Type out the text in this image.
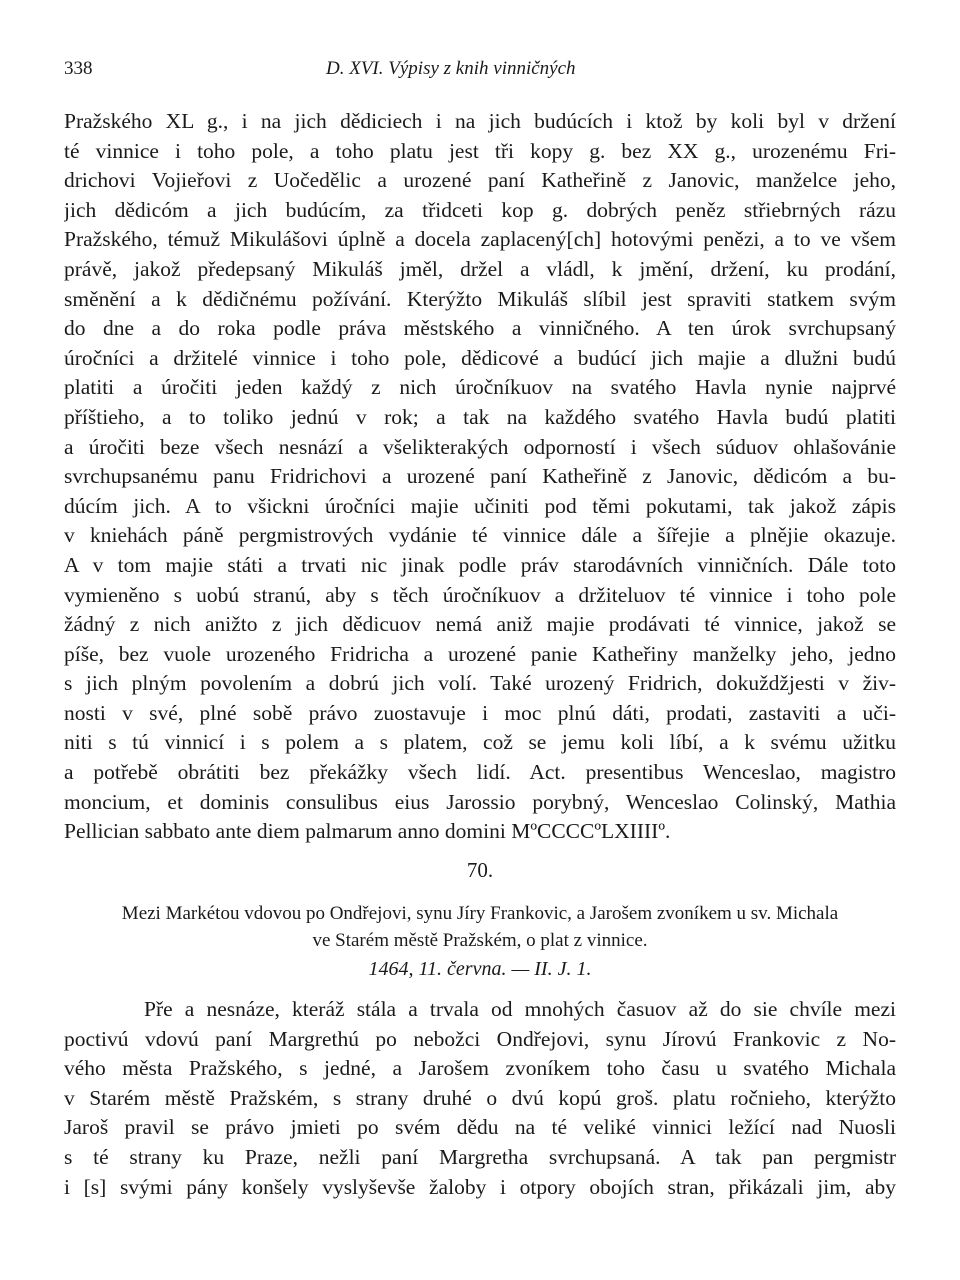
338	D. XVI. Výpisy z knih vinničných
Pražského XL g., i na jich dědiciech i na jich budúcích i ktož by koli byl v držení
té vinnice i toho pole, a toho platu jest tři kopy g. bez XX g., urozenému Fri-
drichovi Vojieřovi z Uočedělic a urozené paní Katheřině z Janovic, manželce jeho,
jich dědicóm a jich budúcím, za třidceti kop g. dobrých peněz střiebrných rázu
Pražského, témuž Mikulášovi úplně a docela zaplacený[ch] hotovými penězi, a to ve všem
právě, jakož předepsaný Mikuláš jměl, držel a vládl, k jmění, držení, ku prodání,
směnění a k dědičnému požívání. Kterýžto Mikuláš slíbil jest spraviti statkem svým
do dne a do roka podle práva městského a vinničného. A ten úrok svrchupsaný
úročníci a držitelé vinnice i toho pole, dědicové a budúcí jich majie a dlužni budú
platiti a úročiti jeden každý z nich úročníkuov na svatého Havla nynie najprvé
příštieho, a to toliko jednú v rok; a tak na každého svatého Havla budú platiti
a úročiti beze všech nesnází a všelikterakých odporností i všech súduov ohlašovánie
svrchupsanému panu Fridrichovi a urozené paní Katheřině z Janovic, dědicóm a bu-
dúcím jich. A to všickni úročníci majie učiniti pod těmi pokutami, tak jakož zápis
v kniehách páně pergmistrových vydánie té vinnice dále a šířejie a plnějie okazuje.
A v tom majie státi a trvati nic jinak podle práv starodávních vinničních. Dále toto
vymieněno s uobú stranú, aby s těch úročníkuov a držiteluov té vinnice i toho pole
žádný z nich anižto z jich dědicuov nemá aniž majie prodávati té vinnice, jakož se
píše, bez vuole urozeného Fridricha a urozené panie Katheřiny manželky jeho, jedno
s jich plným povolením a dobrú jich volí. Také urozený Fridrich, dokuždžjesti v živ-
nosti v své, plné sobě právo zuostavuje i moc plnú dáti, prodati, zastaviti a uči-
niti s tú vinnicí i s polem a s platem, což se jemu koli líbí, a k svému užitku
a potřebě obrátiti bez překážky všech lidí. Act. presentibus Wenceslao, magistro
moncium, et dominis consulibus eius Jarossio porybný, Wenceslao Colinský, Mathia
Pellician sabbato ante diem palmarum anno domini MºCCCCºLXIIIIº.
70.
Mezi Markétou vdovou po Ondřejovi, synu Jíry Frankovic, a Jarošem zvoníkem u sv. Michala
ve Starém městě Pražském, o plat z vinnice.
1464, 11. června. — II. J. 1.
Pře a nesnáze, kteráž stála a trvala od mnohých časuov až do sie chvíle mezi
poctivú vdovú paní Margrethú po nebožci Ondřejovi, synu Jírovú Frankovic z No-
vého města Pražského, s jedné, a Jarošem zvoníkem toho času u svatého Michala
v Starém městě Pražském, s strany druhé o dvú kopú groš. platu ročnieho, kterýžto
Jaroš pravil se právo jmieti po svém dědu na té veliké vinnici ležící nad Nuosli
s té strany ku Praze, nežli paní Margretha svrchupsaná. A tak pan pergmistr
i [s] svými pány konšely vyslyševše žaloby i otpory obojích stran, přikázali jim, aby
